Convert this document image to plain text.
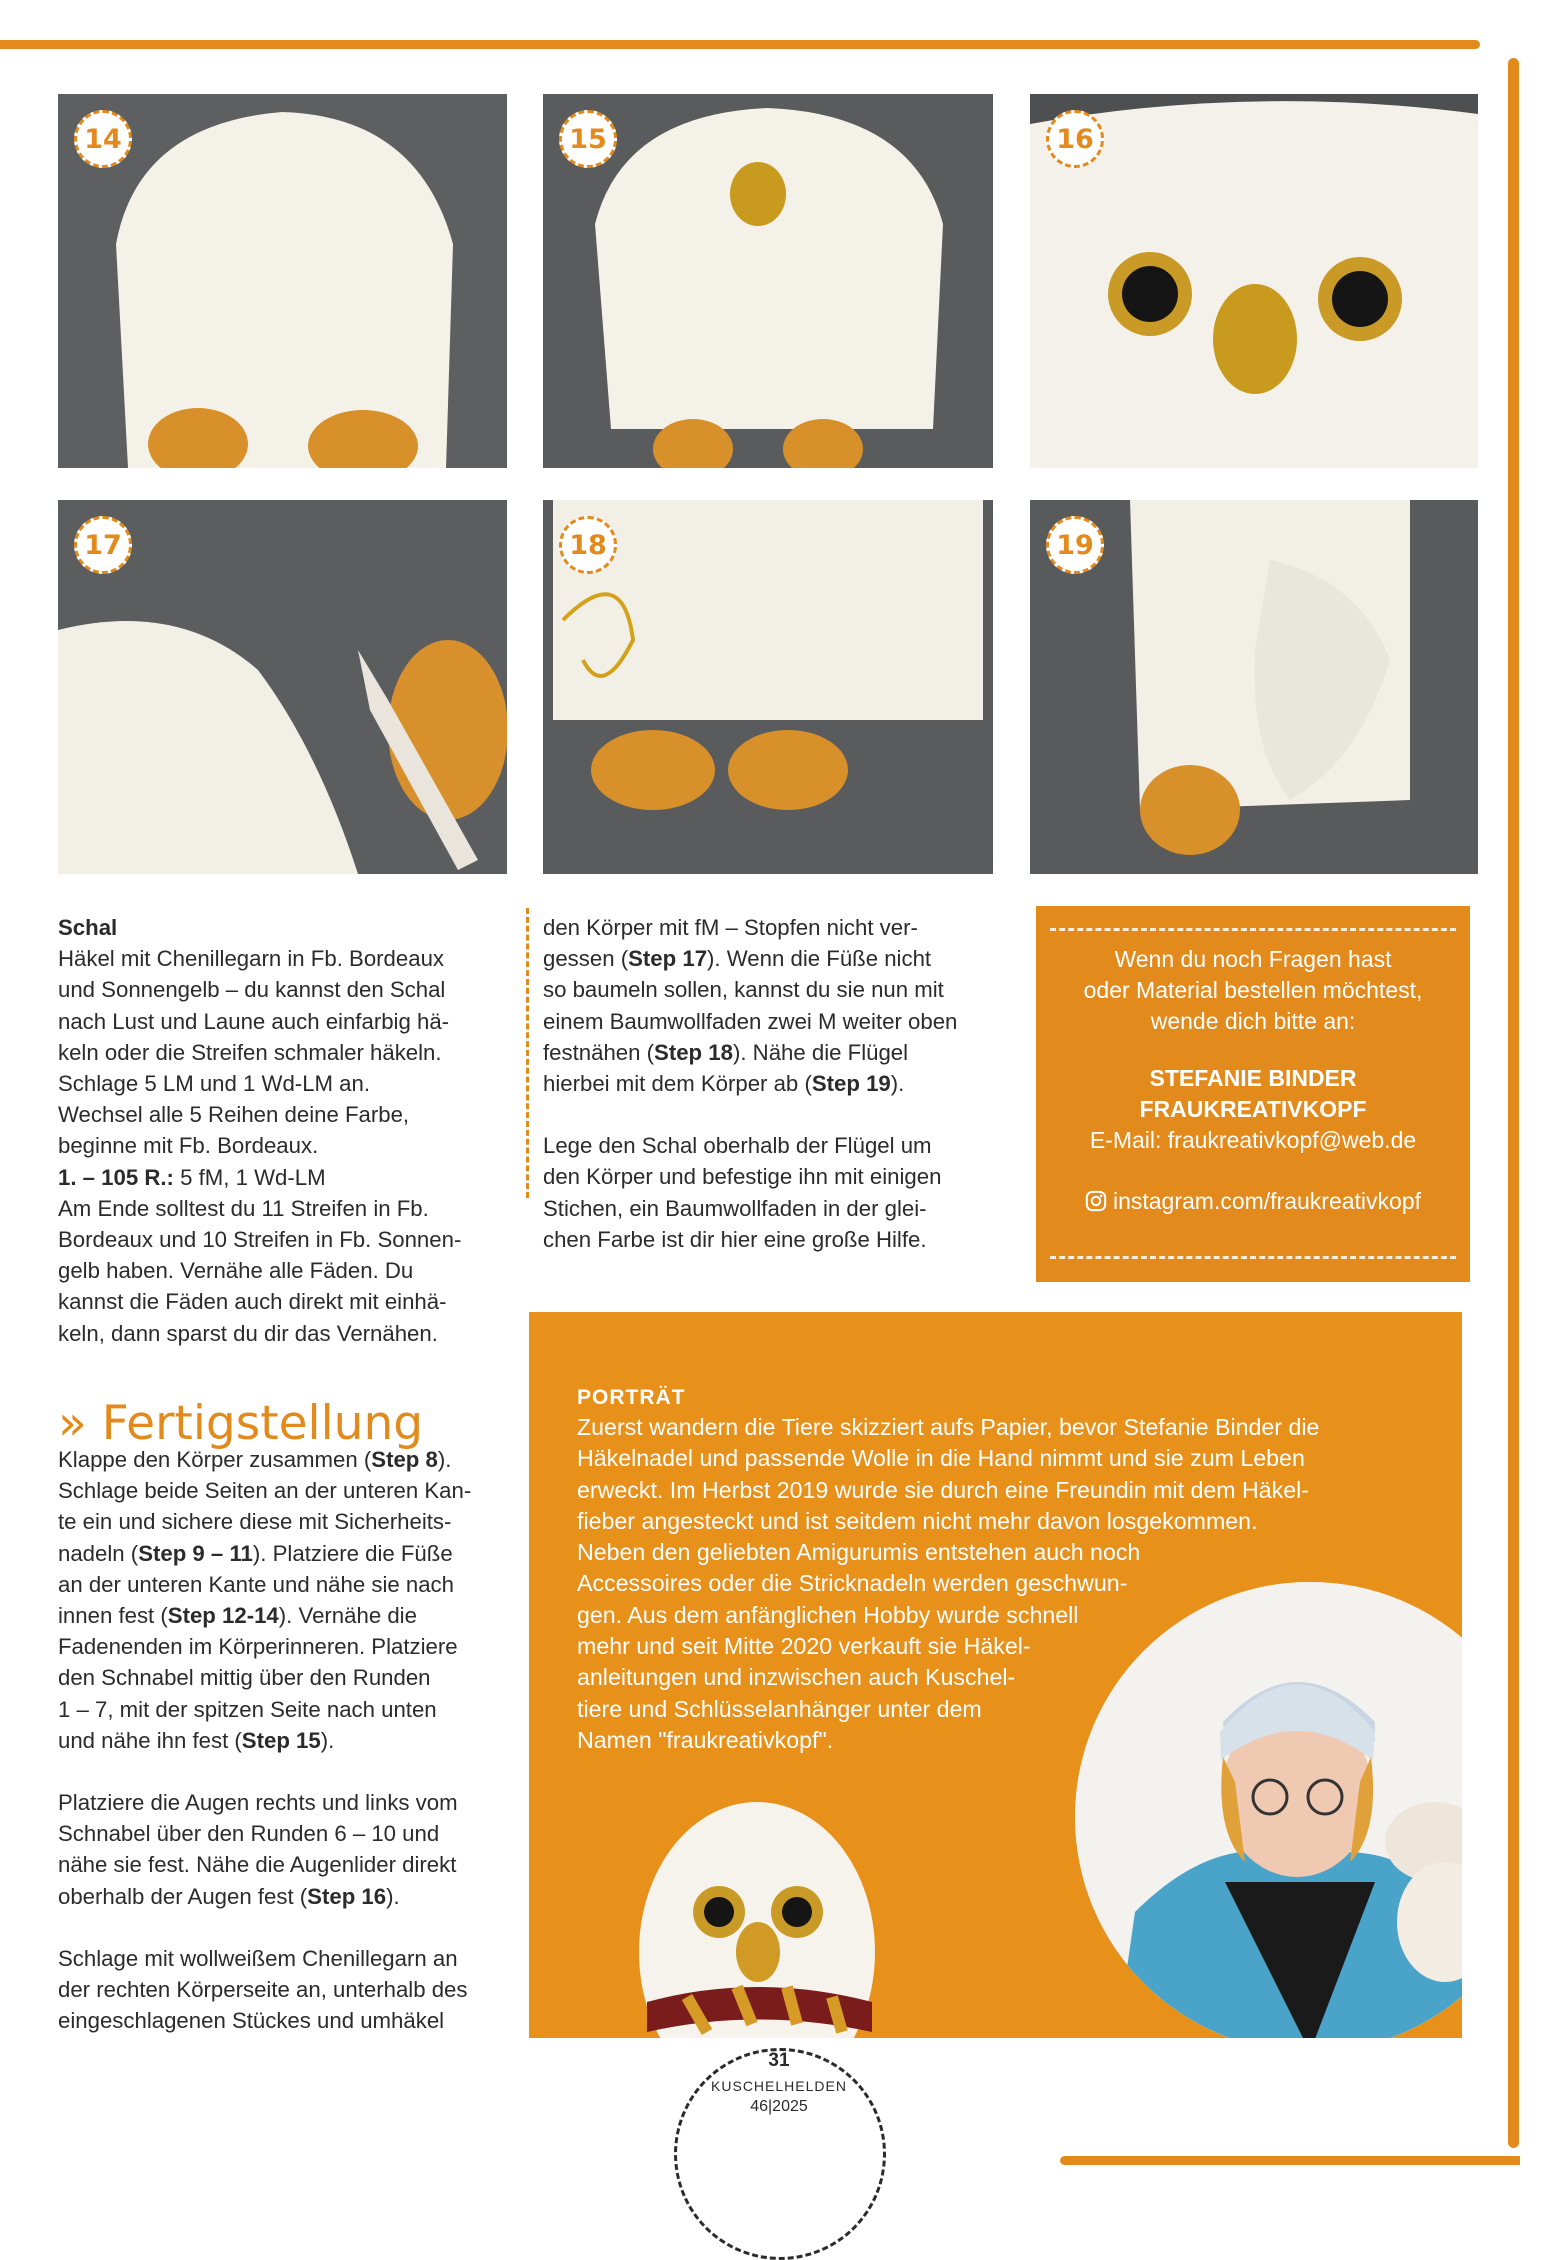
14	15	16
17	18	19

Schal

Häkel mit Chenillegarn in Fb. Bordeaux

und Sonnengelb – du kannst den Schal

nach Lust und Laune auch einfarbig hä-

keln oder die Streifen schmaler häkeln.

Schlage 5 LM und 1 Wd-LM an.

Wechsel alle 5 Reihen deine Farbe,

beginne mit Fb. Bordeaux.

1. – 105 R.: 5 fM, 1 Wd-LM

Am Ende solltest du 11 Streifen in Fb.

Bordeaux und 10 Streifen in Fb. Sonnen-

gelb haben. Vernähe alle Fäden. Du

kannst die Fäden auch direkt mit einhä-

keln, dann sparst du dir das Vernähen.

» Fertigstellung

Klappe den Körper zusammen (Step 8).

Schlage beide Seiten an der unteren Kan-

te ein und sichere diese mit Sicherheits-

nadeln (Step 9 – 11). Platziere die Füße

an der unteren Kante und nähe sie nach

innen fest (Step 12-14). Vernähe die

Fadenenden im Körperinneren. Platziere

den Schnabel mittig über den Runden

1 – 7, mit der spitzen Seite nach unten

und nähe ihn fest (Step 15).

Platziere die Augen rechts und links vom

Schnabel über den Runden 6 – 10 und

nähe sie fest. Nähe die Augenlider direkt

oberhalb der Augen fest (Step 16).

Schlage mit wollweißem Chenillegarn an

der rechten Körperseite an, unterhalb des

eingeschlagenen Stückes und umhäkel

den Körper mit fM – Stopfen nicht ver-

gessen (Step 17). Wenn die Füße nicht

so baumeln sollen, kannst du sie nun mit

einem Baumwollfaden zwei M weiter oben

festnähen (Step 18). Nähe die Flügel

hierbei mit dem Körper ab (Step 19).

Lege den Schal oberhalb der Flügel um

den Körper und befestige ihn mit einigen

Stichen, ein Baumwollfaden in der glei-

chen Farbe ist dir hier eine große Hilfe.

Wenn du noch Fragen hast

oder Material bestellen möchtest,

wende dich bitte an:

STEFANIE BINDER

FRAUKREATIVKOPF

E-Mail: fraukreativkopf@web.de

instagram.com/fraukreativkopf

PORTRÄT
Zuerst wandern die Tiere skizziert aufs Papier, bevor Stefanie Binder die
Häkelnadel und passende Wolle in die Hand nimmt und sie zum Leben
erweckt. Im Herbst 2019 wurde sie durch eine Freundin mit dem Häkel-
fieber angesteckt und ist seitdem nicht mehr davon losgekommen.
Neben den geliebten Amigurumis entstehen auch noch
Accessoires oder die Stricknadeln werden geschwun-
gen. Aus dem anfänglichen Hobby wurde schnell
mehr und seit Mitte 2020 verkauft sie Häkel-
anleitungen und inzwischen auch Kuschel-
tiere und Schlüsselanhänger unter dem
Namen "fraukreativkopf".
31
KUSCHELHELDEN
46|2025
